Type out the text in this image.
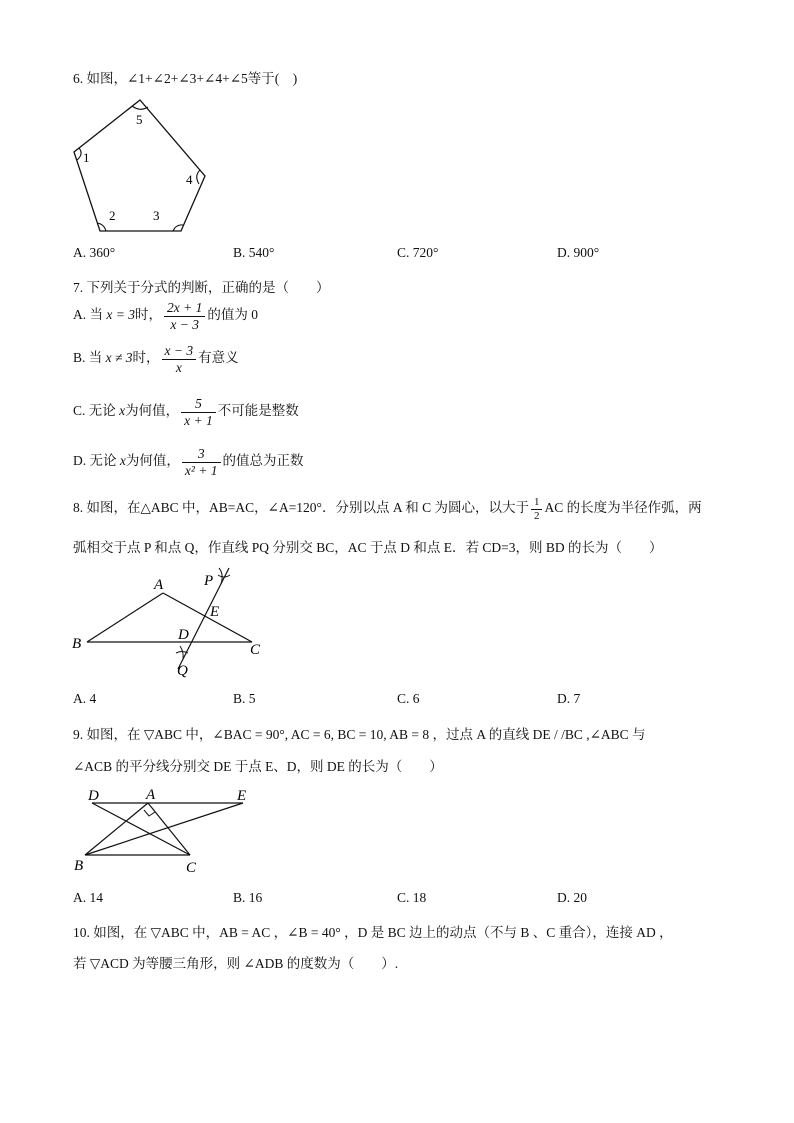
6. 如图，∠1+∠2+∠3+∠4+∠5等于(　)
5
1
2	3
4
A. 360°	B. 540°	C. 720°	D. 900°
7. 下列关于分式的判断，正确的是（　　）
A. 当 x = 3时， $\frac{2x + 1}{x - 3}$ 的值为 0
B. 当 x ≠ 3时， $\frac{x - 3}{x}$ 有意义
C. 无论 x为何值， $\frac{5}{x + 1}$ 不可能是整数
D. 无论 x为何值， $\frac{3}{\text{x² + 1}}$ 的值总为正数
8. 如图，在△ABC 中，AB=AC，∠A=120°．分别以点 A 和 C 为圆心，以大于 $\frac{1}{2}$ AC 的长度为半径作弧，两
弧相交于点 P 和点 Q，作直线 PQ 分别交 BC，AC 于点 D 和点 E．若 CD=3，则 BD 的长为（　　）
A
B	C
D
E
P
Q
A. 4	B. 5	C. 6	D. 7
9. 如图，在 ▽ABC 中，∠BAC = 90°, AC = 6, BC = 10, AB = 8 ，过点 A 的直线 DE / /BC ,∠ABC 与
∠ACB 的平分线分别交 DE 于点 E、D，则 DE 的长为（　　）
A
B	C
D	E
A. 14	B. 16	C. 18	D. 20
10. 如图，在 ▽ABC 中，AB = AC ，∠B = 40° ，D 是 BC 边上的动点（不与 B 、C 重合），连接 AD ，
若 ▽ACD 为等腰三角形，则 ∠ADB 的度数为（　　）.
